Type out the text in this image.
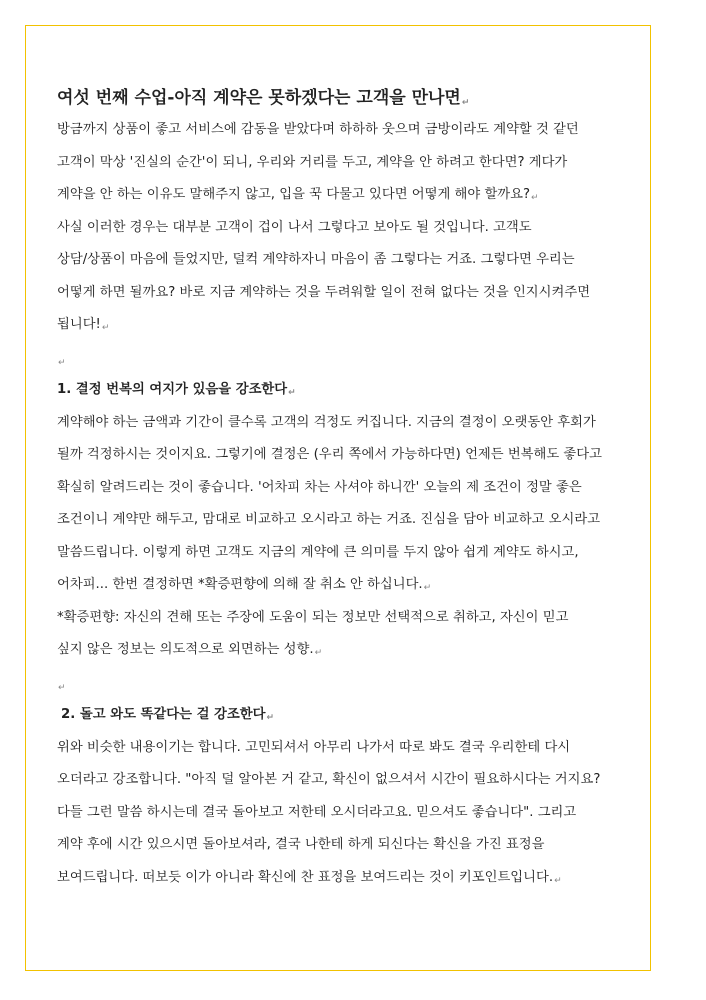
여섯 번째 수업-아직 계약은 못하겠다는 고객을 만나면↵
방금까지 상품이 좋고 서비스에 감동을 받았다며 하하하 웃으며 금방이라도 계약할 것 같던
고객이 막상 '진실의 순간'이 되니, 우리와 거리를 두고, 계약을 안 하려고 한다면? 게다가
계약을 안 하는 이유도 말해주지 않고, 입을 꾹 다물고 있다면 어떻게 해야 할까요?↵
사실 이러한 경우는 대부분 고객이 겁이 나서 그렇다고 보아도 될 것입니다. 고객도
상담/상품이 마음에 들었지만, 덜컥 계약하자니 마음이 좀 그렇다는 거죠. 그렇다면 우리는
어떻게 하면 될까요? 바로 지금 계약하는 것을 두려워할 일이 전혀 없다는 것을 인지시켜주면
됩니다!↵
↵
1. 결정 번복의 여지가 있음을 강조한다↵
계약해야 하는 금액과 기간이 클수록 고객의 걱정도 커집니다. 지금의 결정이 오랫동안 후회가
될까 걱정하시는 것이지요. 그렇기에 결정은 (우리 쪽에서 가능하다면) 언제든 번복해도 좋다고
확실히 알려드리는 것이 좋습니다. '어차피 차는 사셔야 하니깐' 오늘의 제 조건이 정말 좋은
조건이니 계약만 해두고, 맘대로 비교하고 오시라고 하는 거죠. 진심을 담아 비교하고 오시라고
말씀드립니다. 이렇게 하면 고객도 지금의 계약에 큰 의미를 두지 않아 쉽게 계약도 하시고,
어차피... 한번 결정하면 *확증편향에 의해 잘 취소 안 하십니다.↵
*확증편향: 자신의 견해 또는 주장에 도움이 되는 정보만 선택적으로 취하고, 자신이 믿고
싶지 않은 정보는 의도적으로 외면하는 성향.↵
↵
2. 돌고 와도 똑같다는 걸 강조한다↵
위와 비슷한 내용이기는 합니다. 고민되셔서 아무리 나가서 따로 봐도 결국 우리한테 다시
오더라고 강조합니다. "아직 덜 알아본 거 같고, 확신이 없으셔서 시간이 필요하시다는 거지요?
다들 그런 말씀 하시는데 결국 돌아보고 저한테 오시더라고요. 믿으셔도 좋습니다". 그리고
계약 후에 시간 있으시면 돌아보셔라, 결국 나한테 하게 되신다는 확신을 가진 표정을
보여드립니다. 떠보듯 이가 아니라 확신에 찬 표정을 보여드리는 것이 키포인트입니다.↵
